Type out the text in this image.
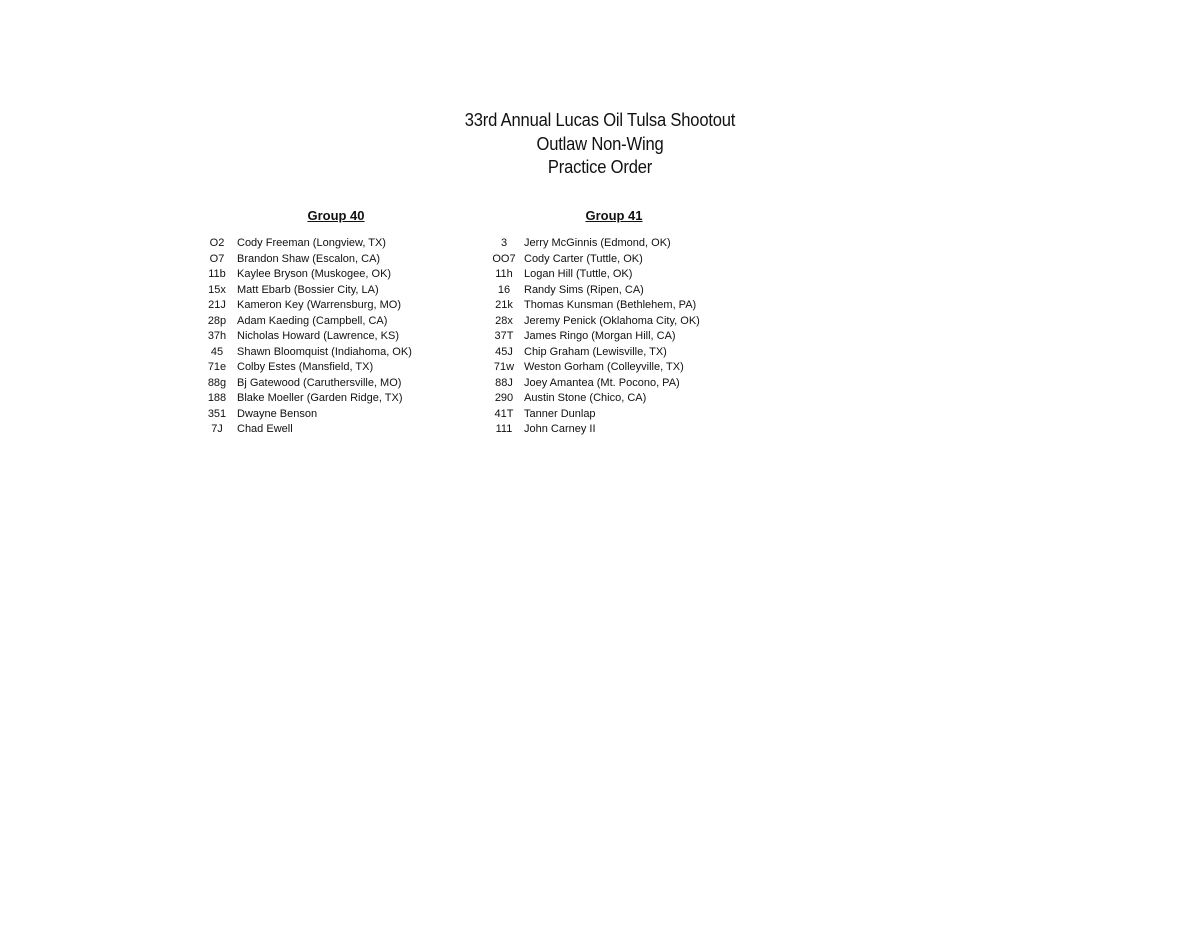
33rd Annual Lucas Oil Tulsa Shootout
Outlaw Non-Wing
Practice Order
Group 40
O2	Cody Freeman (Longview, TX)
O7	Brandon Shaw (Escalon, CA)
11b	Kaylee Bryson (Muskogee, OK)
15x	Matt Ebarb (Bossier City, LA)
21J	Kameron Key (Warrensburg, MO)
28p Adam Kaeding (Campbell, CA)
37h Nicholas Howard (Lawrence, KS)
45	Shawn Bloomquist (Indiahoma, OK)
71e Colby Estes (Mansfield, TX)
88g Bj Gatewood (Caruthersville, MO)
188 Blake Moeller (Garden Ridge, TX)
351 Dwayne Benson
7J	Chad Ewell
Group 41
3	Jerry McGinnis (Edmond, OK)
OO7 Cody Carter (Tuttle, OK)
11h	Logan Hill (Tuttle, OK)
16	Randy Sims (Ripen, CA)
21k	Thomas Kunsman (Bethlehem, PA)
28x	Jeremy Penick (Oklahoma City, OK)
37T James Ringo (Morgan Hill, CA)
45J	Chip Graham (Lewisville, TX)
71w Weston Gorham (Colleyville, TX)
88J	Joey Amantea (Mt. Pocono, PA)
290 Austin Stone (Chico, CA)
41T Tanner Dunlap
111	John Carney II
